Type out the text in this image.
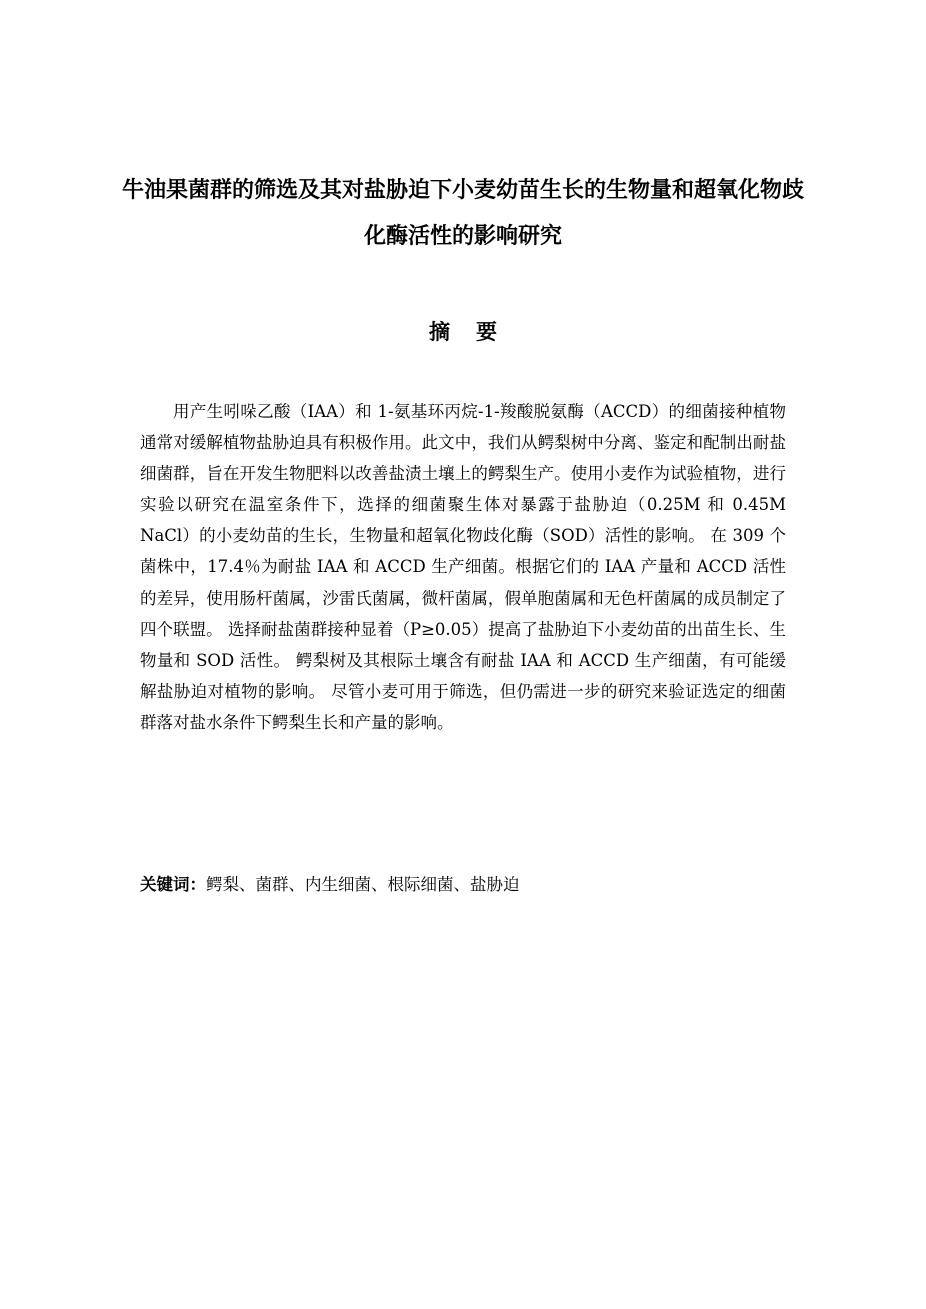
牛油果菌群的筛选及其对盐胁迫下小麦幼苗生长的生物量和超氧化物歧化酶活性的影响研究
摘要

用产生吲哚乙酸（IAA）和 1-氨基环丙烷-1-羧酸脱氨酶（ACCD）的细菌接种植物通常对缓解植物盐胁迫具有积极作用。此文中，我们从鳄梨树中分离、鉴定和配制出耐盐细菌群，旨在开发生物肥料以改善盐渍土壤上的鳄梨生产。使用小麦作为试验植物，进行实验以研究在温室条件下，选择的细菌聚生体对暴露于盐胁迫（0.25M 和 0.45M NaCl）的小麦幼苗的生长，生物量和超氧化物歧化酶（SOD）活性的影响。 在 309 个菌株中，17.4％为耐盐 IAA 和 ACCD 生产细菌。根据它们的 IAA 产量和 ACCD 活性的差异，使用肠杆菌属，沙雷氏菌属，微杆菌属，假单胞菌属和无色杆菌属的成员制定了四个联盟。 选择耐盐菌群接种显着（P≥0.05）提高了盐胁迫下小麦幼苗的出苗生长、生物量和 SOD 活性。 鳄梨树及其根际土壤含有耐盐 IAA 和 ACCD 生产细菌，有可能缓解盐胁迫对植物的影响。 尽管小麦可用于筛选，但仍需进一步的研究来验证选定的细菌群落对盐水条件下鳄梨生长和产量的影响。

关键词：鳄梨、菌群、内生细菌、根际细菌、盐胁迫
